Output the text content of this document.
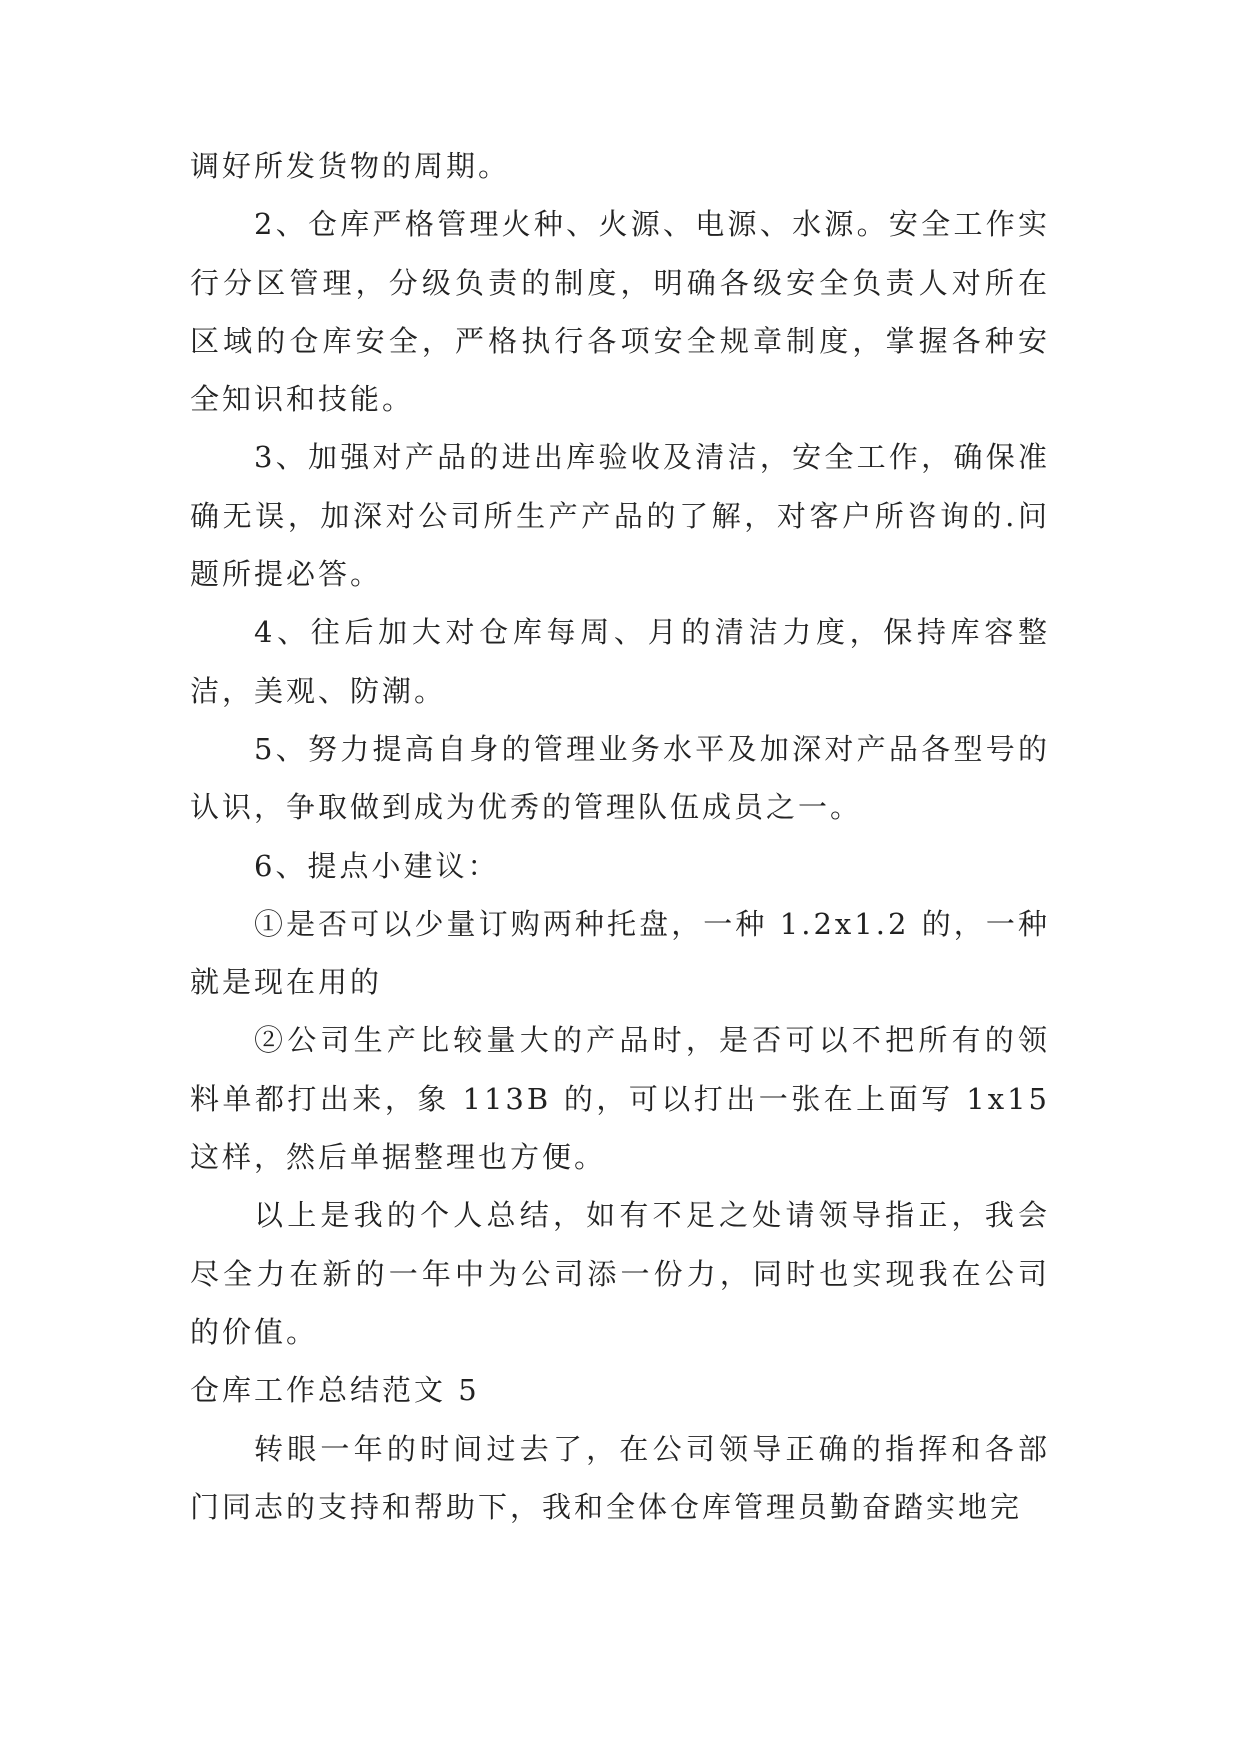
调好所发货物的周期。

2、仓库严格管理火种、火源、电源、水源。安全工作实行分区管理，分级负责的制度，明确各级安全负责人对所在区域的仓库安全，严格执行各项安全规章制度，掌握各种安全知识和技能。

3、加强对产品的进出库验收及清洁，安全工作，确保准确无误，加深对公司所生产产品的了解，对客户所咨询的.问题所提必答。

4、往后加大对仓库每周、月的清洁力度，保持库容整洁，美观、防潮。

5、努力提高自身的管理业务水平及加深对产品各型号的认识，争取做到成为优秀的管理队伍成员之一。

6、提点小建议：

①是否可以少量订购两种托盘，一种 1.2x1.2 的，一种就是现在用的

②公司生产比较量大的产品时，是否可以不把所有的领料单都打出来，象 113B 的，可以打出一张在上面写 1x15 这样，然后单据整理也方便。

以上是我的个人总结，如有不足之处请领导指正，我会尽全力在新的一年中为公司添一份力，同时也实现我在公司的价值。

仓库工作总结范文 5

转眼一年的时间过去了，在公司领导正确的指挥和各部门同志的支持和帮助下，我和全体仓库管理员勤奋踏实地完
